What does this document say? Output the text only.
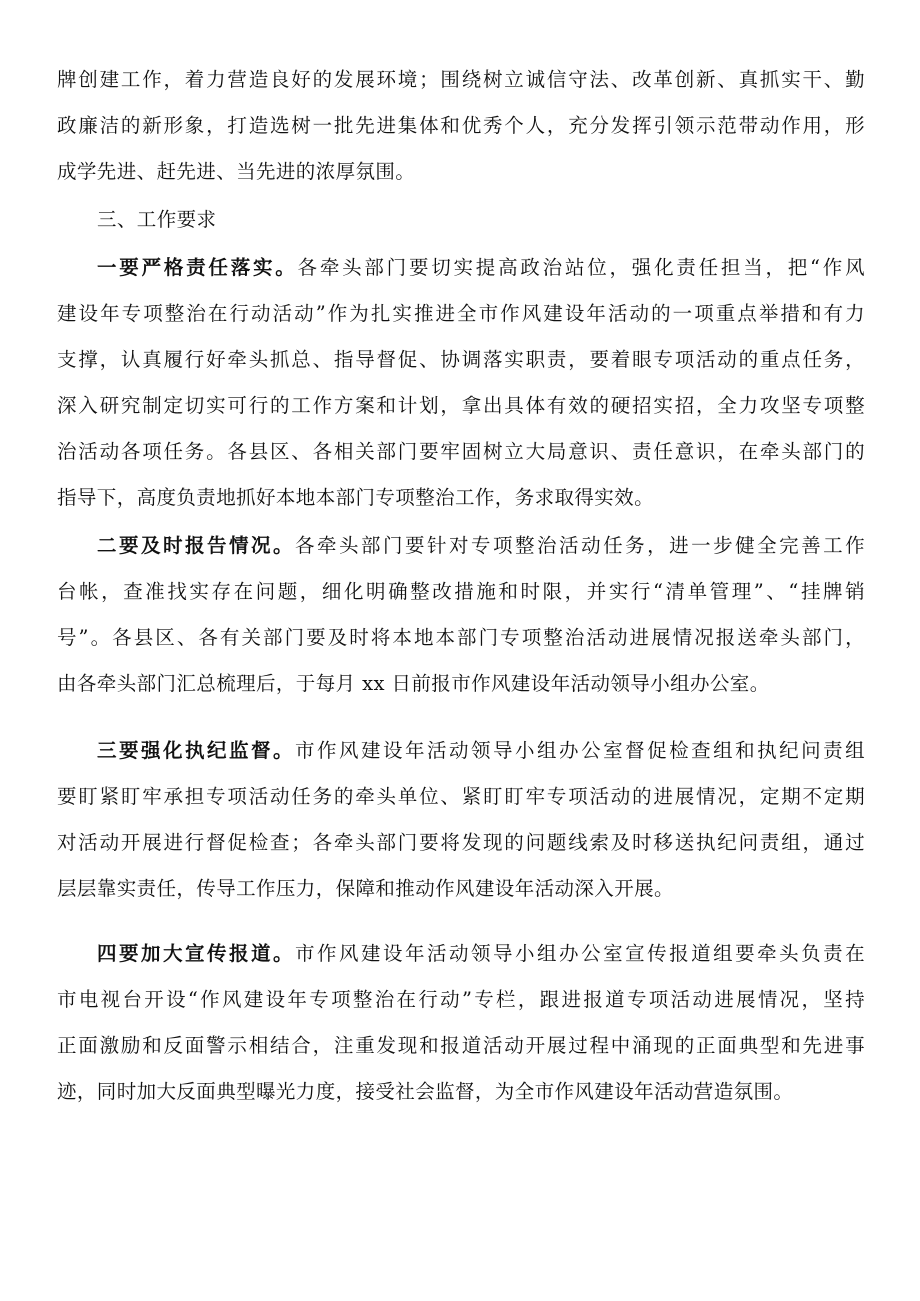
牌创建工作，着力营造良好的发展环境；围绕树立诚信守法、改革创新、真抓实干、勤
政廉洁的新形象，打造选树一批先进集体和优秀个人，充分发挥引领示范带动作用，形
成学先进、赶先进、当先进的浓厚氛围。
三、工作要求
一要严格责任落实。各牵头部门要切实提高政治站位，强化责任担当，把“作风
建设年专项整治在行动活动”作为扎实推进全市作风建设年活动的一项重点举措和有力
支撑，认真履行好牵头抓总、指导督促、协调落实职责，要着眼专项活动的重点任务，
深入研究制定切实可行的工作方案和计划，拿出具体有效的硬招实招，全力攻坚专项整
治活动各项任务。各县区、各相关部门要牢固树立大局意识、责任意识，在牵头部门的
指导下，高度负责地抓好本地本部门专项整治工作，务求取得实效。
二要及时报告情况。各牵头部门要针对专项整治活动任务，进一步健全完善工作
台帐，查准找实存在问题，细化明确整改措施和时限，并实行“清单管理”、“挂牌销
号”。各县区、各有关部门要及时将本地本部门专项整治活动进展情况报送牵头部门，
由各牵头部门汇总梳理后，于每月 xx 日前报市作风建设年活动领导小组办公室。
三要强化执纪监督。市作风建设年活动领导小组办公室督促检查组和执纪问责组
要盯紧盯牢承担专项活动任务的牵头单位、紧盯盯牢专项活动的进展情况，定期不定期
对活动开展进行督促检查；各牵头部门要将发现的问题线索及时移送执纪问责组，通过
层层靠实责任，传导工作压力，保障和推动作风建设年活动深入开展。
四要加大宣传报道。市作风建设年活动领导小组办公室宣传报道组要牵头负责在
市电视台开设“作风建设年专项整治在行动”专栏，跟进报道专项活动进展情况，坚持
正面激励和反面警示相结合，注重发现和报道活动开展过程中涌现的正面典型和先进事
迹，同时加大反面典型曝光力度，接受社会监督，为全市作风建设年活动营造氛围。
